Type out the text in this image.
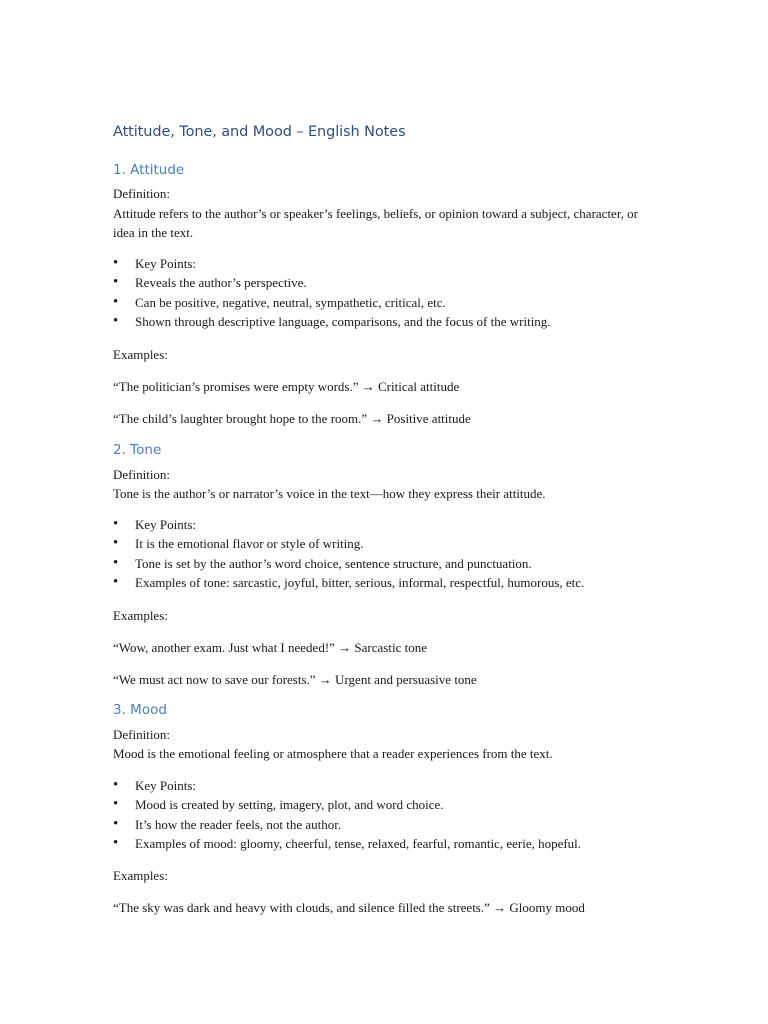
Attitude, Tone, and Mood – English Notes
1. Attitude
Definition:
Attitude refers to the author’s or speaker’s feelings, beliefs, or opinion toward a subject, character, or idea in the text.
• Key Points:
• Reveals the author’s perspective.
• Can be positive, negative, neutral, sympathetic, critical, etc.
• Shown through descriptive language, comparisons, and the focus of the writing.
Examples:
“The politician’s promises were empty words.” → Critical attitude
“The child’s laughter brought hope to the room.” → Positive attitude
2. Tone
Definition:
Tone is the author’s or narrator’s voice in the text—how they express their attitude.
• Key Points:
• It is the emotional flavor or style of writing.
• Tone is set by the author’s word choice, sentence structure, and punctuation.
• Examples of tone: sarcastic, joyful, bitter, serious, informal, respectful, humorous, etc.
Examples:
“Wow, another exam. Just what I needed!” → Sarcastic tone
“We must act now to save our forests.” → Urgent and persuasive tone
3. Mood
Definition:
Mood is the emotional feeling or atmosphere that a reader experiences from the text.
• Key Points:
• Mood is created by setting, imagery, plot, and word choice.
• It’s how the reader feels, not the author.
• Examples of mood: gloomy, cheerful, tense, relaxed, fearful, romantic, eerie, hopeful.
Examples:
“The sky was dark and heavy with clouds, and silence filled the streets.” → Gloomy mood
